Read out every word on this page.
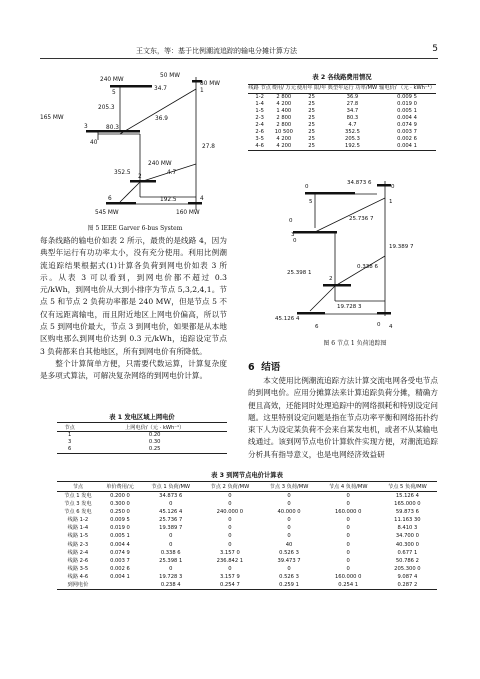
王文东，等：基于比例潮流追踪的输电分摊计算方法	5
240 MW
50 MW
80 MW
34.7
205.3
165 MW	36.9
80.3
27.8
240 MW
352.5	4.7
192.5
545 MW	160 MW
5	1
3
40
2
6	4
图 5 IEEE Garver 6-bus System
表 2 各线路费用情况
线路 节点	费用/ 万元	使用年 限/年	典型年运行 功率/MW	输电价/ （元 · kWh⁻¹）
1-2	2 800	25	36.9	0.009 5
1-4	4 200	25	27.8	0.019 0
1-5	1 400	25	34.7	0.005 1
2-3	2 800	25	80.3	0.004 4
2-4	2 800	25	4.7	0.074 9
2-6	10 500	25	352.5	0.003 7
3-5	4 200	25	205.3	0.002 6
4-6	4 200	25	192.5	0.004 1
34.873 6
0	0
0	25.736 7
0
19.389 7
25.398 1
0.338 6
19.728 3
45.126 4
0
5	1
3
2
6	4
图 6 节点 1 负荷追踪图

每条线路的输电价如表 2 所示，最贵的是线路 4，因为典型年运行有功功率太小，没有充分使用。利用比例潮流追踪结果根据式(1)计算各负荷到网电价如表 3 所示。从表 3 可以看到，到网电价都不超过 0.3 元/kWh，到网电价从大到小排序为节点 5,3,2,4,1。节点 5 和节点 2 负荷功率都是 240 MW，但是节点 5 不仅有远距离输电，而且附近地区上网电价偏高，所以节点 5 到网电价最大，节点 3 到网电价，如果都是从本地区购电那么到网电价达到 0.3 元/kWh，追踪设定节点 3 负荷都来自其他地区，所有到网电价有所降低。

整个计算简单方便，只需要代数运算，计算复杂度是多项式算法，可解决复杂网络的到网电价计算。

6 结语

本文使用比例潮流追踪方法计算交流电网各受电节点的到网电价。应用分摊算法来计算追踪负荷分摊，精确方便且高效，还能同时处理追踪中的网络损耗和特别设定问题。这里特别设定问题是指在节点功率平衡和网络拓扑约束下人为设定某负荷不会来自某发电机，或者不从某输电线通过。该到网节点电价计算软件实现方便，对潮流追踪分析具有指导意义，也是电网经济效益研

表 1 发电区域上网电价
节点	上网电价/（元 · kWh⁻¹）
1	0.20
3	0.30
6	0.25
表 3 到网节点电价计算表
节点	单价费用/元	节点 1 负荷/MW	节点 2 负荷/MW	节点 3 负荷/MW	节点 4 负荷/MW	节点 5 负荷/MW
节点 1 发电	0.200 0	34.873 6	0	0	0	15.126 4
节点 3 发电	0.300 0	0	0	0	0	165.000 0
节点 6 发电	0.250 0	45.126 4	240.000 0	40.000 0	160.000 0	59.873 6
线路 1-2	0.009 5	25.736 7	0	0	0	11.163 30
线路 1-4	0.019 0	19.389 7	0	0	0	8.410 3
线路 1-5	0.005 1	0	0	0	0	34.700 0
线路 2-3	0.004 4	0	0	40	0	40.300 0
线路 2-4	0.074 9	0.338 6	3.157 0	0.526 3	0	0.677 1
线路 2-6	0.003 7	25.398 1	236.842 1	39.473 7	0	50.786 2
线路 3-5	0.002 6	0	0	0	0	205.300 0
线路 4-6	0.004 1	19.728 3	3.157 9	0.526 3	160.000 0	9.087 4
到网电价		0.238 4	0.254 7	0.259 1	0.254 1	0.287 2
